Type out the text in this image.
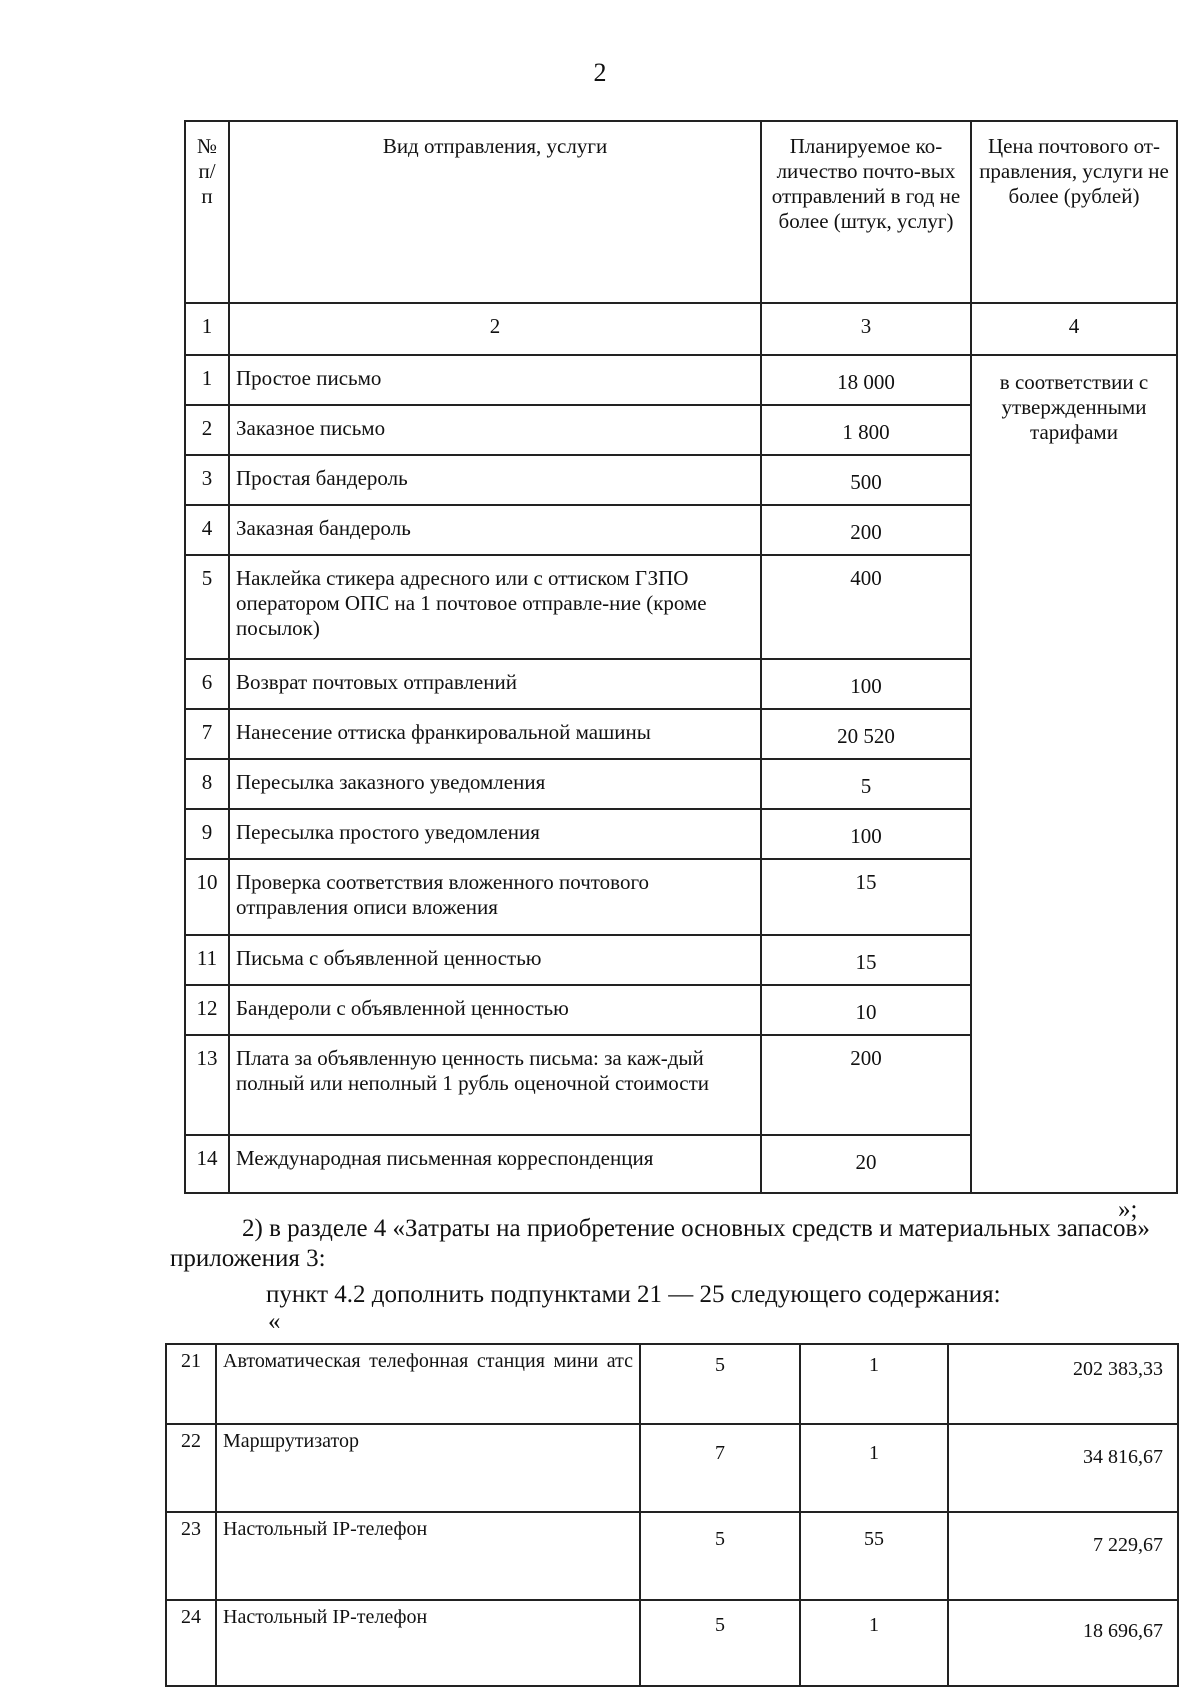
2
№ п/ п	Вид отправления, услуги	Планируемое ко-личество почто-вых отправлений в год не более (штук, услуг)	Цена почтового от-правления, услуги не более (рублей)
1	2	3	4
1	Простое письмо	18 000	в соответствии с утвержденными тарифами
2	Заказное письмо	1 800	
3	Простая бандероль	500	
4	Заказная бандероль	200	
5	Наклейка стикера адресного или с оттиском ГЗПО оператором ОПС на 1 почтовое отправле-ние (кроме посылок)	400	
6	Возврат почтовых отправлений	100	
7	Нанесение оттиска франкировальной машины	20 520	
8	Пересылка заказного уведомления	5	
9	Пересылка простого уведомления	100	
10	Проверка соответствия вложенного почтового отправления описи вложения	15	
11	Письма с объявленной ценностью	15	
12	Бандероли с объявленной ценностью	10	
13	Плата за объявленную ценность письма: за каж-дый полный или неполный 1 рубль оценочной стоимости	200	
14	Международная письменная корреспонденция	20	
»;
2) в разделе 4 «Затраты на приобретение основных средств и материальных запасов» приложения 3:
пункт 4.2 дополнить подпунктами 21 — 25 следующего содержания:
«
21	Автоматическая телефонная станция мини атс	5	1	202 383,33
22	Маршрутизатор	7	1	34 816,67
23	Настольный IP-телефон	5	55	7 229,67
24	Настольный IP-телефон	5	1	18 696,67
